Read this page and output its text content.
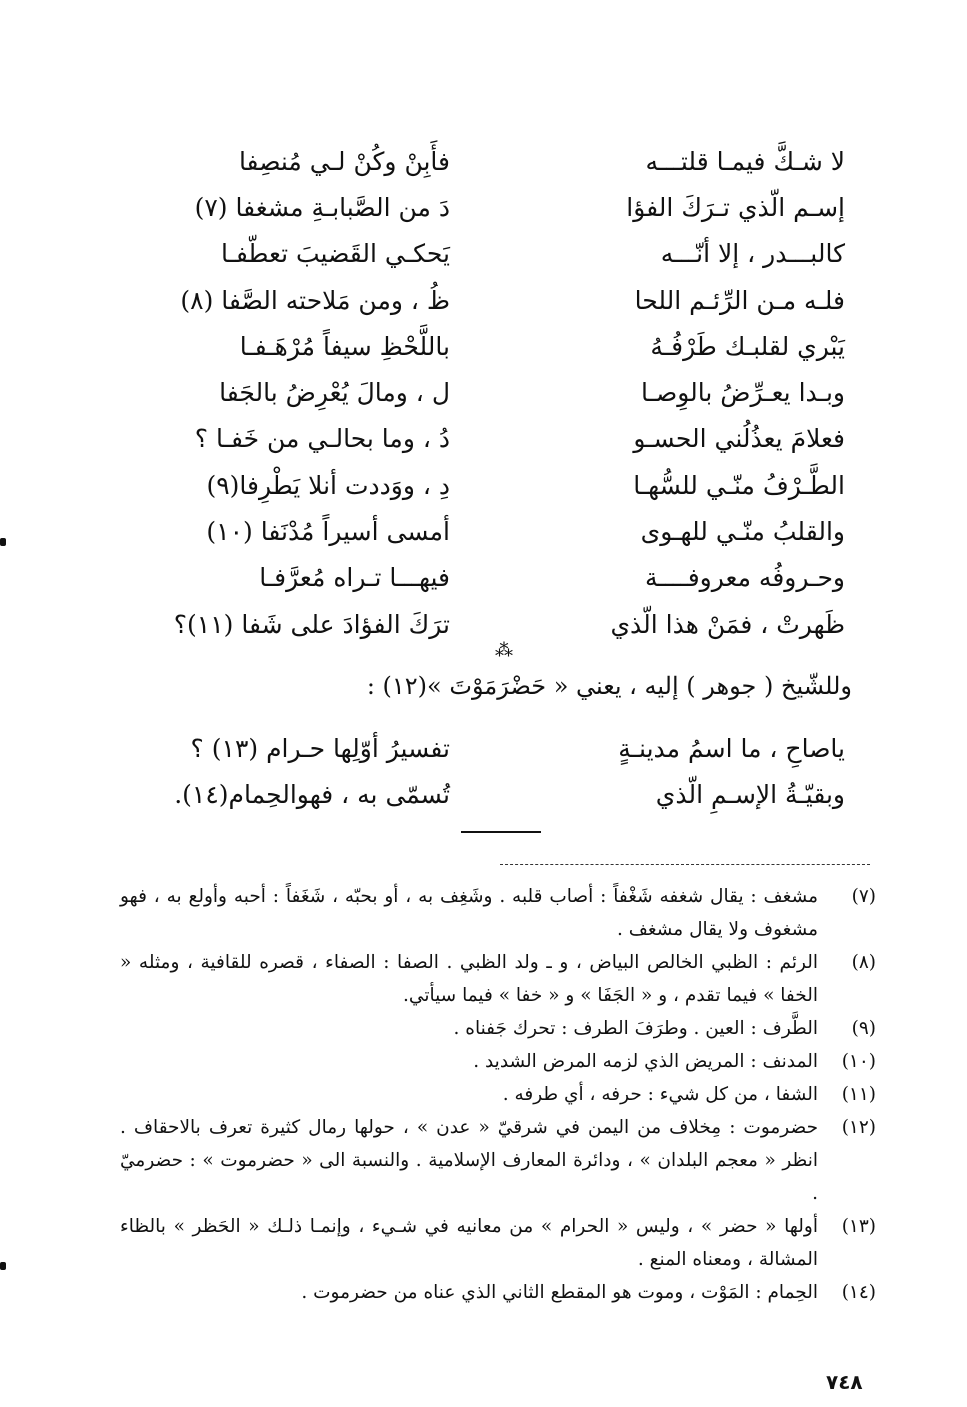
لا شـكَّ فيمـا قلتـــه
فأَبِنْ وكُنْ لـي مُنصِفا
إسـم الّذي تـرَكَ الفؤا
دَ من الصَّبابـةِ مشغفا (٧)
كالبـــدر ، إلا أنّـــه
يَحكـي القَضيبَ تعطّفـا
فلـه مـن الرِّئـم اللحا
ظُ ، ومن مَلاحته الصَّفا (٨)
يَبْري لقلبـك طَرْفُـهُ
باللَّحْظِ سيفاً مُرْهَـفـا
وبـدا يعـرِّضُ بالوِصـا
ل ، ومالَ يُعْرِضُ بالجَفا
فعلامَ يعذُلُني الحسـو
دُ ، وما بحالـي من خَفـا ؟
الطَّـرْفُ منّـي للسُّهـا
دِ ، ووَددت أنلا يَطْرِفا(٩)
والقلبُ منّـي للهـوى
أمسى أسيراً مُدْنَفا (١٠)
وحـروفُه معروفــــة
فيهـــا تـراه مُعرَّفـا
ظَهرتْ ، فمَنْ هذا الّذي
ترَكَ الفؤادَ على شَفا (١١)؟
⁂
وللشّيخ ( جوهر ) إليه ، يعني « حَضْرَمَوْتَ »(١٢) :
ياصاحِ ، ما اسمُ مدينـةٍ
تفسيرُ أوّلِها حـرام (١٣) ؟
وبقيّـةُ الإسـمِ الّذي
تُسمّى به ، فهوالحِمام(١٤).
(٧)
مشغف : يقال شغفه شَغْفاً : أصاب قلبه . وشَغِف به ، أو بحبّه ، شَغَفاً : أحبه وأولع به ، فهو مشغوف ولا يقال مشغف .
(٨)
الرئم : الظبي الخالص البياض ، و ـ ولد الظبي . الصفا : الصفاء ، قصره للقافية ، ومثله « الخفا » فيما تقدم ، و « الجَفَا » و « خفا » فيما سيأتي.
(٩)
الطَّرف : العين . وطرَفَ الطرف : تحرك جَفناه .
(١٠)
المدنف : المريض الذي لزمه المرض الشديد .
(١١)
الشفا ، من كل شيء : حرفه ، أي طرفه .
(١٢)
حضرموت : مِخلاف من اليمن في شرقيّ « عدن » ، حولها رمال كثيرة تعرف بالاحقاف . انظر « معجم البلدان » ، ودائرة المعارف الإسلامية . والنسبة الى « حضرموت » : حضرميّ .
(١٣)
أولها « حضر » ، وليس « الحرام » من معانيه في شـيء ، وإنمـا ذلـك « الحَظر » بالظاء المشالة ، ومعناه المنع .
(١٤)
الحِمام : المَوْت ، وموت هو المقطع الثاني الذي عناه من حضرموت .
٧٤٨
